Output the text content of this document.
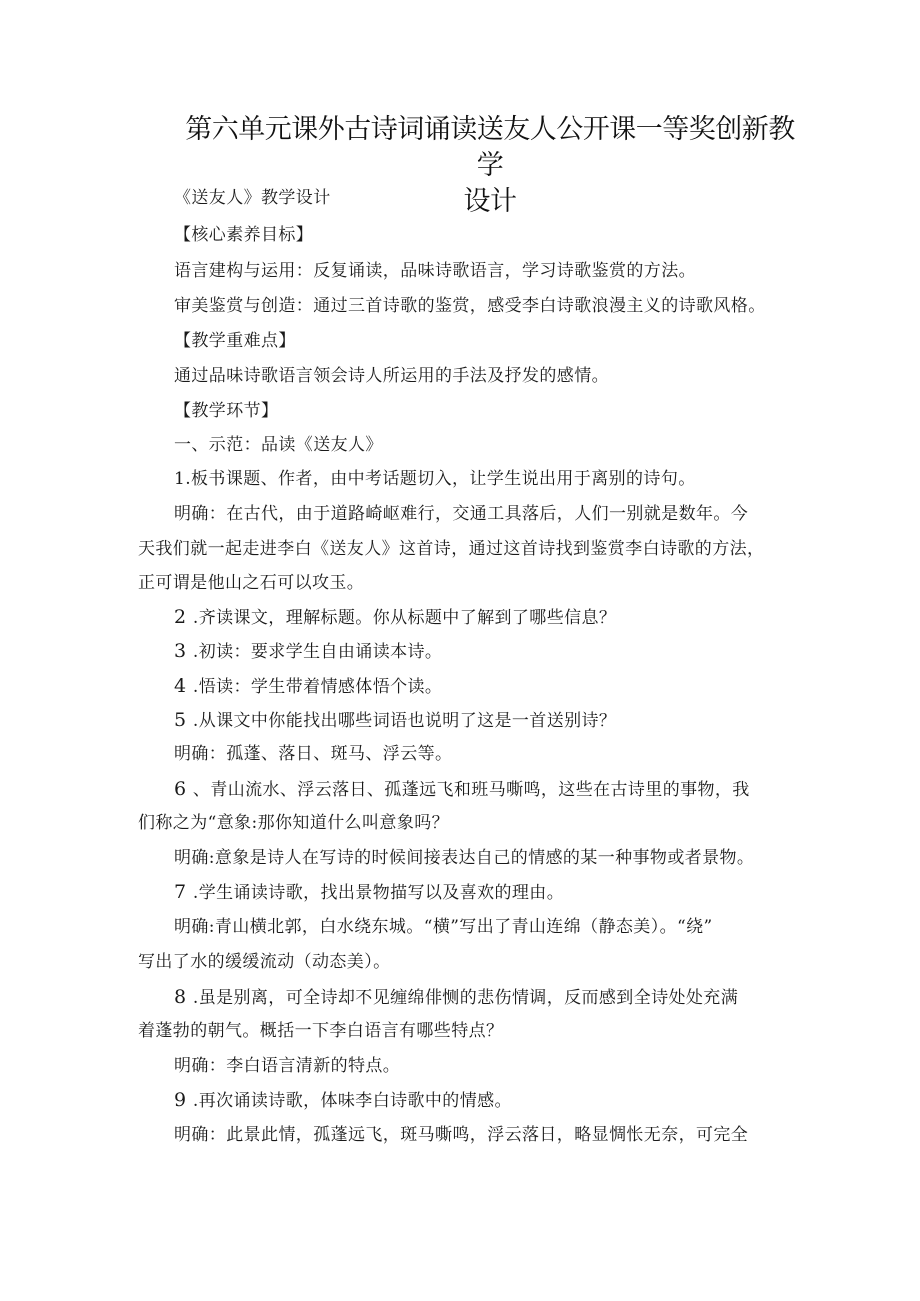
第六单元课外古诗词诵读送友人公开课一等奖创新教学
设计
《送友人》教学设计
【核心素养目标】
语言建构与运用：反复诵读，品味诗歌语言，学习诗歌鉴赏的方法。
审美鉴赏与创造：通过三首诗歌的鉴赏，感受李白诗歌浪漫主义的诗歌风格。
【教学重难点】
通过品味诗歌语言领会诗人所运用的手法及抒发的感情。
【教学环节】
一、示范：品读《送友人》
1.板书课题、作者，由中考话题切入，让学生说出用于离别的诗句。
明确：在古代，由于道路崎岖难行，交通工具落后，人们一别就是数年。今
天我们就一起走进李白《送友人》这首诗，通过这首诗找到鉴赏李白诗歌的方法，
正可谓是他山之石可以攻玉。
2 .齐读课文，理解标题。你从标题中了解到了哪些信息？
3 .初读：要求学生自由诵读本诗。
4 .悟读：学生带着情感体悟个读。
5 .从课文中你能找出哪些词语也说明了这是一首送别诗？
明确：孤蓬、落日、斑马、浮云等。
6 、青山流水、浮云落日、孤蓬远飞和班马嘶鸣，这些在古诗里的事物，我
们称之为“意象:那你知道什么叫意象吗？
明确:意象是诗人在写诗的时候间接表达自己的情感的某一种事物或者景物。
7 .学生诵读诗歌，找出景物描写以及喜欢的理由。
明确:青山横北郭，白水绕东城。“横”写出了青山连绵（静态美）。“绕”
写出了水的缓缓流动（动态美）。
8 .虽是别离，可全诗却不见缠绵俳恻的悲伤情调，反而感到全诗处处充满
着蓬勃的朝气。概括一下李白语言有哪些特点？
明确：李白语言清新的特点。
9 .再次诵读诗歌，体味李白诗歌中的情感。
明确：此景此情，孤蓬远飞，斑马嘶鸣，浮云落日，略显惆怅无奈，可完全
